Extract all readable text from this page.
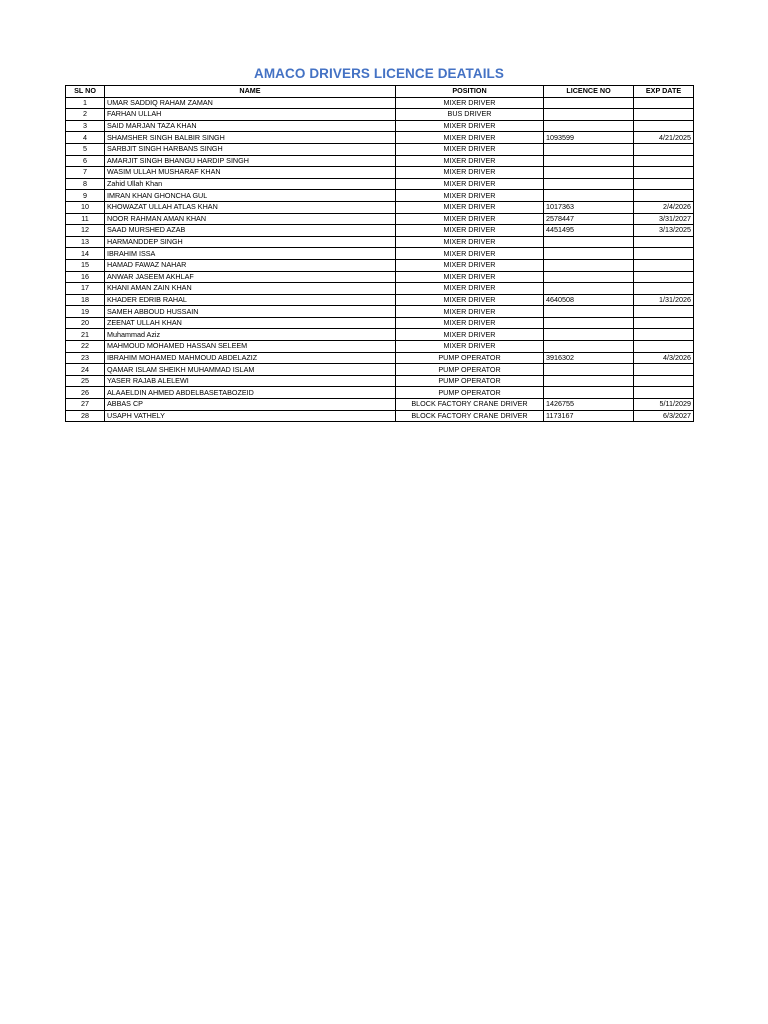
AMACO DRIVERS LICENCE DEATAILS
SL NO	NAME	POSITION	LICENCE NO	EXP DATE
1	UMAR SADDIQ RAHAM ZAMAN	MIXER DRIVER		
2	FARHAN ULLAH	BUS DRIVER		
3	SAID MARJAN TAZA KHAN	MIXER DRIVER		
4	SHAMSHER SINGH BALBIR SINGH	MIXER DRIVER	1093599	4/21/2025
5	SARBJIT SINGH HARBANS SINGH	MIXER DRIVER		
6	AMARJIT SINGH BHANGU HARDIP SINGH	MIXER DRIVER		
7	WASIM ULLAH MUSHARAF KHAN	MIXER DRIVER		
8	Zahid Ullah Khan	MIXER DRIVER		
9	IMRAN KHAN GHONCHA GUL	MIXER DRIVER		
10	KHOWAZAT ULLAH ATLAS KHAN	MIXER DRIVER	1017363	2/4/2026
11	NOOR RAHMAN AMAN KHAN	MIXER DRIVER	2578447	3/31/2027
12	SAAD MURSHED AZAB	MIXER DRIVER	4451495	3/13/2025
13	HARMANDDEP SINGH	MIXER DRIVER		
14	IBRAHIM ISSA	MIXER DRIVER		
15	HAMAD FAWAZ NAHAR	MIXER DRIVER		
16	ANWAR JASEEM AKHLAF	MIXER DRIVER		
17	KHANI AMAN ZAIN KHAN	MIXER DRIVER		
18	KHADER EDRIB RAHAL	MIXER DRIVER	4640508	1/31/2026
19	SAMEH ABBOUD HUSSAIN	MIXER DRIVER		
20	ZEENAT ULLAH KHAN	MIXER DRIVER		
21	Muhammad Aziz	MIXER DRIVER		
22	MAHMOUD MOHAMED HASSAN SELEEM	MIXER DRIVER		
23	IBRAHIM MOHAMED MAHMOUD ABDELAZIZ	PUMP OPERATOR	3916302	4/3/2026
24	QAMAR ISLAM SHEIKH MUHAMMAD ISLAM	PUMP OPERATOR		
25	YASER RAJAB ALELEWI	PUMP OPERATOR		
26	ALAAELDIN AHMED ABDELBASETABOZEID	PUMP OPERATOR		
27	ABBAS CP	BLOCK FACTORY CRANE DRIVER	1426755	5/11/2029
28	USAPH VATHELY	BLOCK FACTORY CRANE DRIVER	1173167	6/3/2027
